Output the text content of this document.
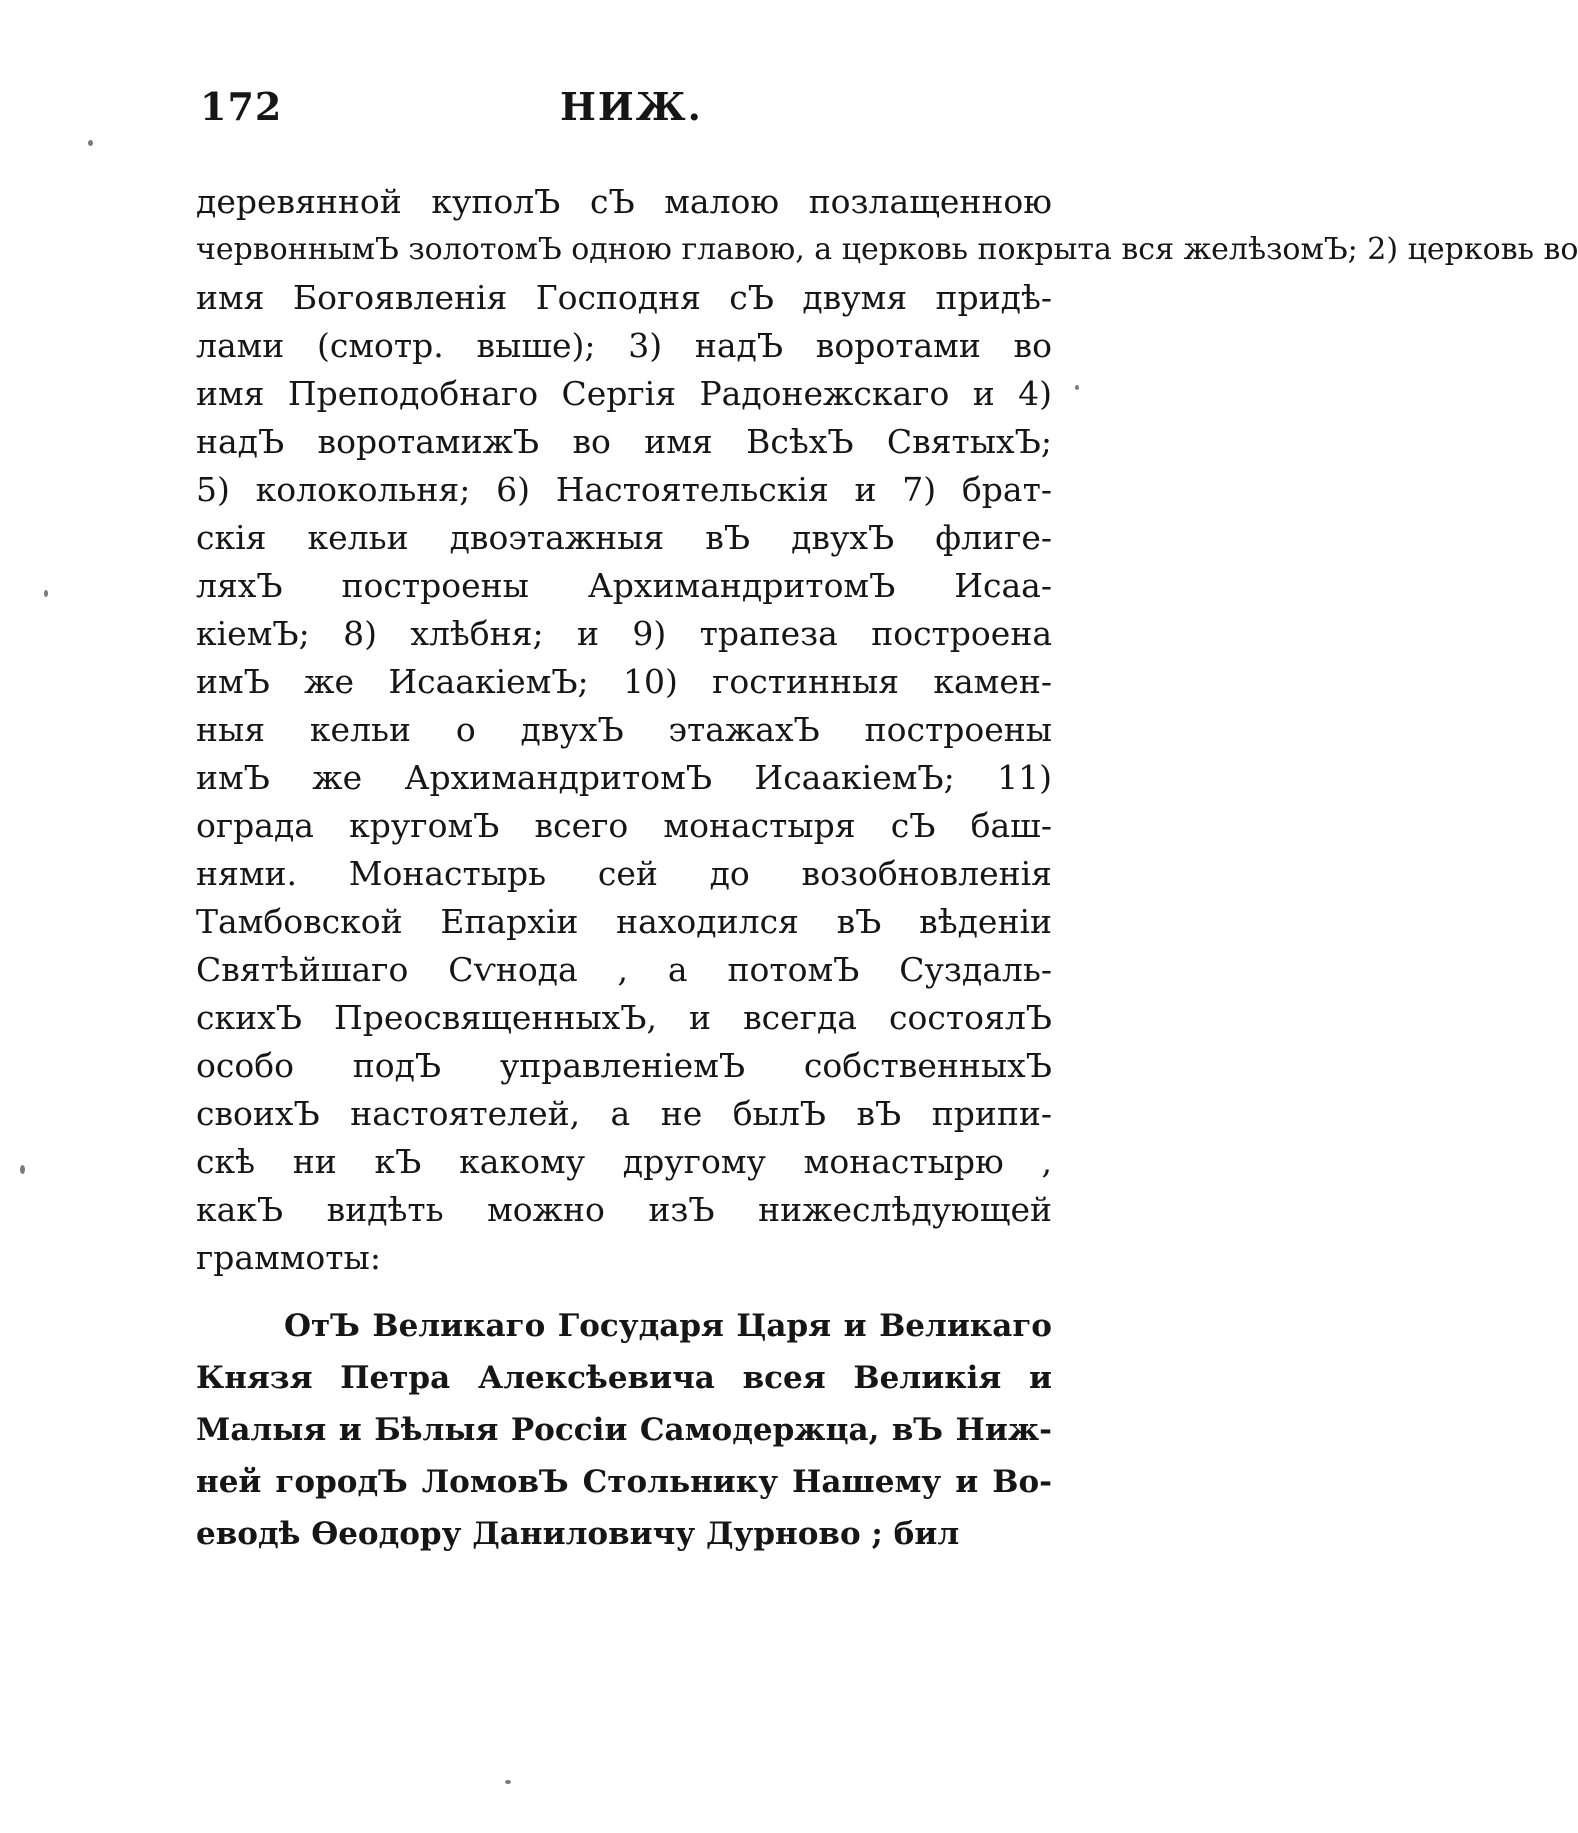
172	НИЖ.
деревянной куполЪ сЪ малою позлащенною
червоннымЪ золотомЪ одною главою, а церковь покрыта вся желѣзомЪ; 2) церковь во
имя Богоявленія Господня сЪ двумя придѣ-
лами (смотр. выше); 3) надЪ воротами во
имя Преподобнаго Сергія Радонежскаго и 4)
надЪ воротамижЪ во имя ВсѣхЪ СвятыхЪ;
5) колокольня; 6) Настоятельскія и 7) брат-
скія кельи двоэтажныя вЪ двухЪ флиге-
ляхЪ построены АрхимандритомЪ Исаа-
кіемЪ; 8) хлѣбня; и 9) трапеза построена
имЪ же ИсаакіемЪ; 10) гостинныя камен-
ныя кельи о двухЪ этажахЪ построены
имЪ же АрхимандритомЪ ИсаакіемЪ; 11)
ограда кругомЪ всего монастыря сЪ баш-
нями. Монастырь сей до возобновленія
Тамбовской Епархіи находился вЪ вѣденіи
Святѣйшаго Сѵнода , а потомЪ Суздаль-
скихЪ ПреосвященныхЪ, и всегда состоялЪ
особо подЪ управленіемЪ собственныхЪ
своихЪ настоятелей, а не былЪ вЪ припи-
скѣ ни кЪ какому другому монастырю ,
какЪ видѣть можно изЪ нижеслѣдующей
граммоты:
ОтЪ Великаго Государя Царя и Великаго
Князя Петра Алексѣевича всея Великія и
Малыя и Бѣлыя Россіи Самодержца, вЪ Ниж-
ней городЪ ЛомовЪ Стольнику Нашему и Во-
еводѣ Ѳеодору Даниловичу Дурново ; бил
